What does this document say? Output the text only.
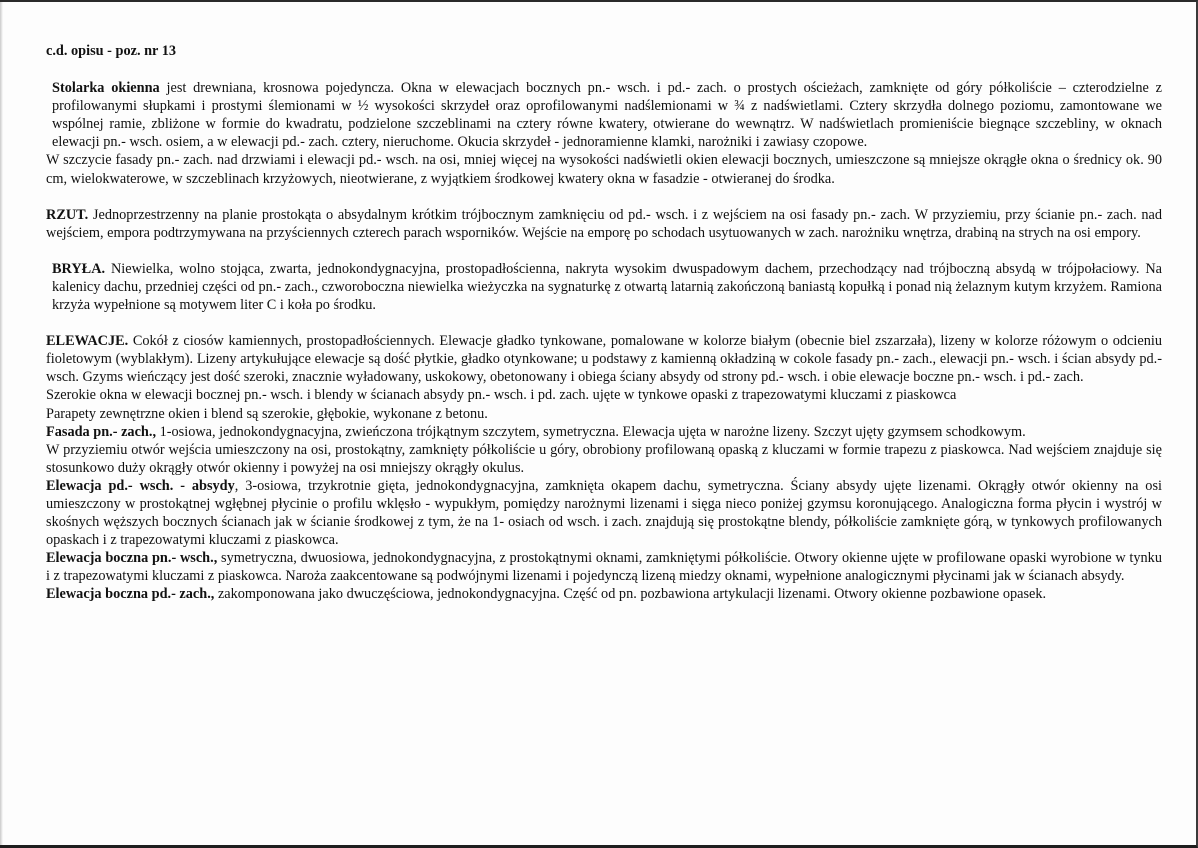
c.d. opisu - poz. nr 13

Stolarka okienna jest drewniana, krosnowa pojedyncza. Okna w elewacjach bocznych pn.- wsch. i pd.- zach. o prostych ościeżach, zamknięte od góry półkoliście – czterodzielne z profilowanymi słupkami i prostymi ślemionami w ½ wysokości skrzydeł oraz oprofilowanymi nadślemionami w ¾ z nadświetlami. Cztery skrzydła dolnego poziomu, zamontowane we wspólnej ramie, zbliżone w formie do kwadratu, podzielone szczeblinami na cztery równe kwatery, otwierane do wewnątrz. W nadświetlach promieniście biegnące szczebliny, w oknach elewacji pn.- wsch. osiem, a w elewacji pd.- zach. cztery, nieruchome. Okucia skrzydeł - jednoramienne klamki, narożniki i zawiasy czopowe.

W szczycie fasady pn.- zach. nad drzwiami i elewacji pd.- wsch. na osi, mniej więcej na wysokości nadświetli okien elewacji bocznych, umieszczone są mniejsze okrągłe okna o średnicy ok. 90 cm, wielokwaterowe, w szczeblinach krzyżowych, nieotwierane, z wyjątkiem środkowej kwatery okna w fasadzie - otwieranej do środka.

RZUT. Jednoprzestrzenny na planie prostokąta o absydalnym krótkim trójbocznym zamknięciu od pd.- wsch. i z wejściem na osi fasady pn.- zach. W przyziemiu, przy ścianie pn.- zach. nad wejściem, empora podtrzymywana na przyściennych czterech parach wsporników. Wejście na emporę po schodach usytuowanych w zach. narożniku wnętrza, drabiną na strych na osi empory.

BRYŁA. Niewielka, wolno stojąca, zwarta, jednokondygnacyjna, prostopadłościenna, nakryta wysokim dwuspadowym dachem, przechodzący nad trójboczną absydą w trójpołaciowy. Na kalenicy dachu, przedniej części od pn.- zach., czworoboczna niewielka wieżyczka na sygnaturkę z otwartą latarnią zakończoną baniastą kopułką i ponad nią żelaznym kutym krzyżem. Ramiona krzyża wypełnione są motywem liter C i koła po środku.

ELEWACJE. Cokół z ciosów kamiennych, prostopadłościennych. Elewacje gładko tynkowane, pomalowane w kolorze białym (obecnie biel zszarzała), lizeny w kolorze różowym o odcieniu fioletowym (wyblakłym). Lizeny artykułujące elewacje są dość płytkie, gładko otynkowane; u podstawy z kamienną okładziną w cokole fasady pn.- zach., elewacji pn.- wsch. i ścian absydy pd.- wsch. Gzyms wieńczący jest dość szeroki, znacznie wyładowany, uskokowy, obetonowany i obiega ściany absydy od strony pd.- wsch. i obie elewacje boczne pn.- wsch. i pd.- zach.

Szerokie okna w elewacji bocznej pn.- wsch. i blendy w ścianach absydy pn.- wsch. i pd. zach. ujęte w tynkowe opaski z trapezowatymi kluczami z piaskowca

Parapety zewnętrzne okien i blend są szerokie, głębokie, wykonane z betonu.

Fasada pn.- zach., 1-osiowa, jednokondygnacyjna, zwieńczona trójkątnym szczytem, symetryczna. Elewacja ujęta w narożne lizeny. Szczyt ujęty gzymsem schodkowym.

W przyziemiu otwór wejścia umieszczony na osi, prostokątny, zamknięty półkoliście u góry, obrobiony profilowaną opaską z kluczami w formie trapezu z piaskowca. Nad wejściem znajduje się stosunkowo duży okrągły otwór okienny i powyżej na osi mniejszy okrągły okulus.

Elewacja pd.- wsch. - absydy, 3-osiowa, trzykrotnie gięta, jednokondygnacyjna, zamknięta okapem dachu, symetryczna. Ściany absydy ujęte lizenami. Okrągły otwór okienny na osi umieszczony w prostokątnej wgłębnej płycinie o profilu wklęsło - wypukłym, pomiędzy narożnymi lizenami i sięga nieco poniżej gzymsu koronującego. Analogiczna forma płycin i wystrój w skośnych węższych bocznych ścianach jak w ścianie środkowej z tym, że na 1- osiach od wsch. i zach. znajdują się prostokątne blendy, półkoliście zamknięte górą, w tynkowych profilowanych opaskach i z trapezowatymi kluczami z piaskowca.

Elewacja boczna pn.- wsch., symetryczna, dwuosiowa, jednokondygnacyjna, z prostokątnymi oknami, zamkniętymi półkoliście. Otwory okienne ujęte w profilowane opaski wyrobione w tynku i z trapezowatymi kluczami z piaskowca. Naroża zaakcentowane są podwójnymi lizenami i pojedynczą lizeną miedzy oknami, wypełnione analogicznymi płycinami jak w ścianach absydy.

Elewacja boczna pd.- zach., zakomponowana jako dwuczęściowa, jednokondygnacyjna. Część od pn. pozbawiona artykulacji lizenami. Otwory okienne pozbawione opasek.
